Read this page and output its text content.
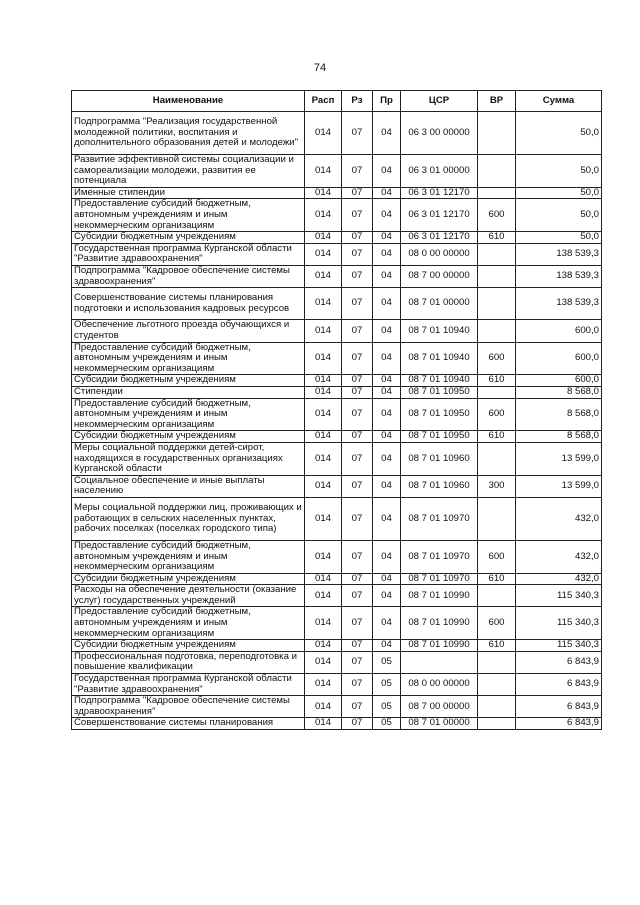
74
Наименование	Расп	Рз	Пр	ЦСР	ВР	Сумма
Подпрограмма "Реализация государственной молодежной политики, воспитания и дополнительного образования детей и молодежи"	014	07	04	06 3 00 00000		50,0
Развитие эффективной системы социализации и самореализации молодежи, развития ее потенциала	014	07	04	06 3 01 00000		50,0
Именные стипендии	014	07	04	06 3 01 12170		50,0
Предоставление субсидий бюджетным, автономным учреждениям и иным некоммерческим организациям	014	07	04	06 3 01 12170	600	50,0
Субсидии бюджетным учреждениям	014	07	04	06 3 01 12170	610	50,0
Государственная программа Курганской области "Развитие здравоохранения"	014	07	04	08 0 00 00000		138 539,3
Подпрограмма "Кадровое обеспечение системы здравоохранения"	014	07	04	08 7 00 00000		138 539,3
Совершенствование системы планирования подготовки и использования кадровых ресурсов	014	07	04	08 7 01 00000		138 539,3
Обеспечение льготного проезда обучающихся и студентов	014	07	04	08 7 01 10940		600,0
Предоставление субсидий бюджетным, автономным учреждениям и иным некоммерческим организациям	014	07	04	08 7 01 10940	600	600,0
Субсидии бюджетным учреждениям	014	07	04	08 7 01 10940	610	600,0
Стипендии	014	07	04	08 7 01 10950		8 568,0
Предоставление субсидий бюджетным, автономным учреждениям и иным некоммерческим организациям	014	07	04	08 7 01 10950	600	8 568,0
Субсидии бюджетным учреждениям	014	07	04	08 7 01 10950	610	8 568,0
Меры социальной поддержки детей-сирот, находящихся в государственных организациях Курганской области	014	07	04	08 7 01 10960		13 599,0
Социальное обеспечение и иные выплаты населению	014	07	04	08 7 01 10960	300	13 599,0
Меры социальной поддержки лиц, проживающих и работающих в сельских населенных пунктах, рабочих поселках (поселках городского типа)	014	07	04	08 7 01 10970		432,0
Предоставление субсидий бюджетным, автономным учреждениям и иным некоммерческим организациям	014	07	04	08 7 01 10970	600	432,0
Субсидии бюджетным учреждениям	014	07	04	08 7 01 10970	610	432,0
Расходы на обеспечение деятельности (оказание услуг) государственных учреждений	014	07	04	08 7 01 10990		115 340,3
Предоставление субсидий бюджетным, автономным учреждениям и иным некоммерческим организациям	014	07	04	08 7 01 10990	600	115 340,3
Субсидии бюджетным учреждениям	014	07	04	08 7 01 10990	610	115 340,3
Профессиональная подготовка, переподготовка и повышение квалификации	014	07	05			6 843,9
Государственная программа Курганской области "Развитие здравоохранения"	014	07	05	08 0 00 00000		6 843,9
Подпрограмма "Кадровое обеспечение системы здравоохранения"	014	07	05	08 7 00 00000		6 843,9
Совершенствование системы планирования	014	07	05	08 7 01 00000		6 843,9
